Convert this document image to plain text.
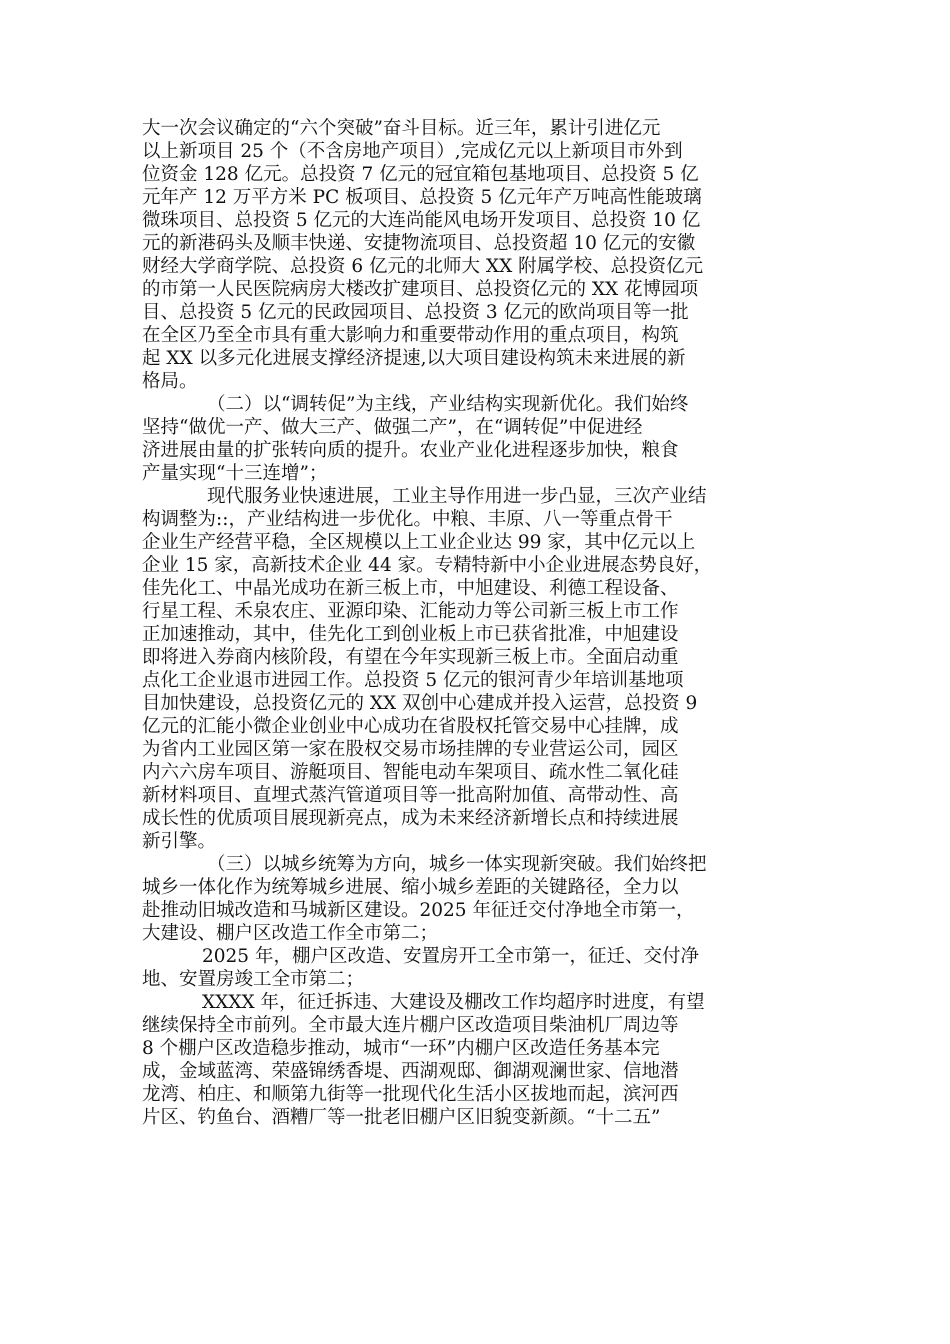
大一次会议确定的“六个突破”奋斗目标。近三年，累计引进亿元
以上新项目 25 个（不含房地产项目）,完成亿元以上新项目市外到
位资金 128 亿元。总投资 7 亿元的冠宜箱包基地项目、总投资 5 亿
元年产 12 万平方米 PC 板项目、总投资 5 亿元年产万吨高性能玻璃
微珠项目、总投资 5 亿元的大连尚能风电场开发项目、总投资 10 亿
元的新港码头及顺丰快递、安捷物流项目、总投资超 10 亿元的安徽
财经大学商学院、总投资 6 亿元的北师大 XX 附属学校、总投资亿元
的市第一人民医院病房大楼改扩建项目、总投资亿元的 XX 花博园项
目、总投资 5 亿元的民政园项目、总投资 3 亿元的欧尚项目等一批
在全区乃至全市具有重大影响力和重要带动作用的重点项目，构筑
起 XX 以多元化进展支撑经济提速,以大项目建设构筑未来进展的新
格局。
（二）以“调转促”为主线，产业结构实现新优化。我们始终
坚持“做优一产、做大三产、做强二产”，在“调转促”中促进经
济进展由量的扩张转向质的提升。农业产业化进程逐步加快，粮食
产量实现“十三连增”；
现代服务业快速进展，工业主导作用进一步凸显，三次产业结
构调整为::，产业结构进一步优化。中粮、丰原、八一等重点骨干
企业生产经营平稳，全区规模以上工业企业达 99 家，其中亿元以上
企业 15 家，高新技术企业 44 家。专精特新中小企业进展态势良好，
佳先化工、中晶光成功在新三板上市，中旭建设、利德工程设备、
行星工程、禾泉农庄、亚源印染、汇能动力等公司新三板上市工作
正加速推动，其中，佳先化工到创业板上市已获省批准，中旭建设
即将进入券商内核阶段，有望在今年实现新三板上市。全面启动重
点化工企业退市进园工作。总投资 5 亿元的银河青少年培训基地项
目加快建设，总投资亿元的 XX 双创中心建成并投入运营，总投资 9
亿元的汇能小微企业创业中心成功在省股权托管交易中心挂牌，成
为省内工业园区第一家在股权交易市场挂牌的专业营运公司，园区
内六六房车项目、游艇项目、智能电动车架项目、疏水性二氧化硅
新材料项目、直埋式蒸汽管道项目等一批高附加值、高带动性、高
成长性的优质项目展现新亮点，成为未来经济新增长点和持续进展
新引擎。
（三）以城乡统筹为方向，城乡一体实现新突破。我们始终把
城乡一体化作为统筹城乡进展、缩小城乡差距的关键路径，全力以
赴推动旧城改造和马城新区建设。2025 年征迁交付净地全市第一，
大建设、棚户区改造工作全市第二；
2025 年，棚户区改造、安置房开工全市第一，征迁、交付净
地、安置房竣工全市第二；
XXXX 年，征迁拆违、大建设及棚改工作均超序时进度，有望
继续保持全市前列。全市最大连片棚户区改造项目柴油机厂周边等
8 个棚户区改造稳步推动，城市“一环”内棚户区改造任务基本完
成，金域蓝湾、荣盛锦绣香堤、西湖观邸、御湖观澜世家、信地潜
龙湾、柏庄、和顺第九街等一批现代化生活小区拔地而起，滨河西
片区、钓鱼台、酒糟厂等一批老旧棚户区旧貌变新颜。“十二五”
